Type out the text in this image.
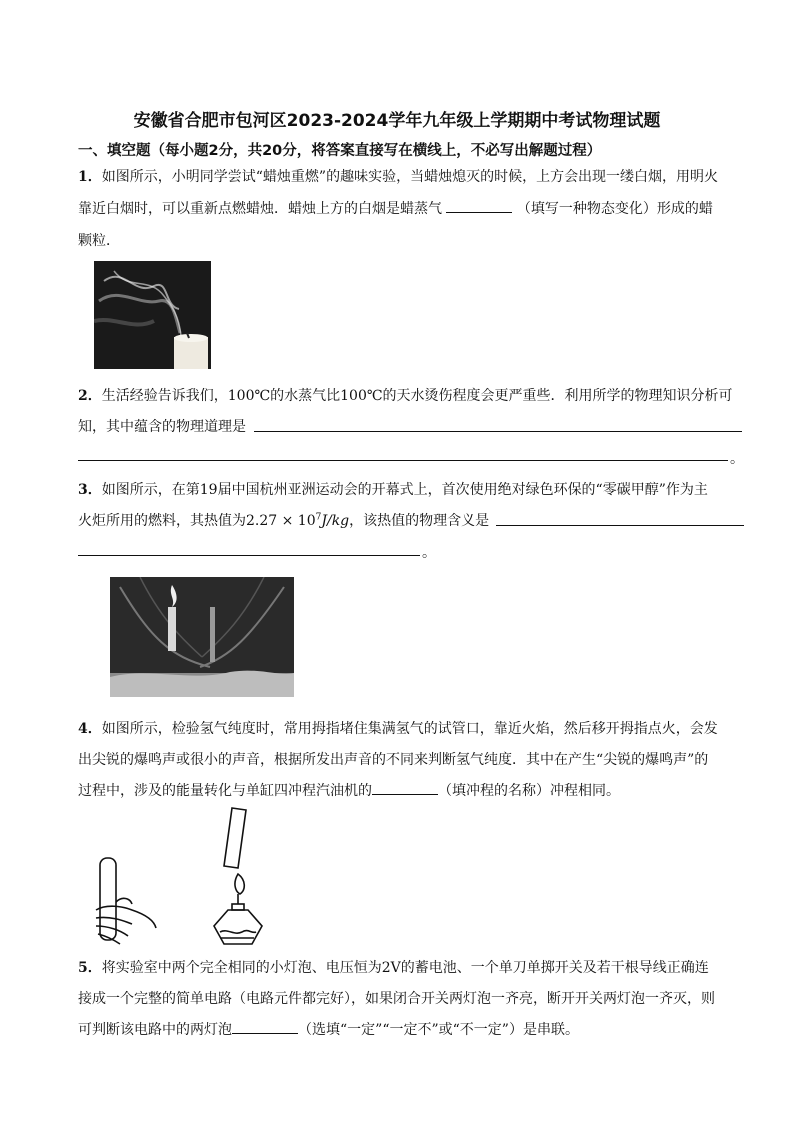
安徽省合肥市包河区2023-2024学年九年级上学期期中考试物理试题
一、填空题（每小题2分，共20分，将答案直接写在横线上，不必写出解题过程）
1．如图所示，小明同学尝试“蜡烛重燃”的趣味实验，当蜡烛熄灭的时候，上方会出现一缕白烟，用明火
靠近白烟时，可以重新点燃蜡烛．蜡烛上方的白烟是蜡蒸气	（填写一种物态变化）形成的蜡
颗粒．
2．生活经验告诉我们，100℃的水蒸气比100℃的天水烫伤程度会更严重些．利用所学的物理知识分析可
知，其中蕴含的物理道理是
。
3．如图所示，在第19届中国杭州亚洲运动会的开幕式上，首次使用绝对绿色环保的“零碳甲醇”作为主
火炬所用的燃料，其热值为$2.27 \times 10^7J/kg$，该热值的物理含义是
。
4．如图所示，检验氢气纯度时，常用拇指堵住集满氢气的试管口，靠近火焰，然后移开拇指点火，会发
出尖锐的爆鸣声或很小的声音，根据所发出声音的不同来判断氢气纯度．其中在产生“尖锐的爆鸣声”的
过程中，涉及的能量转化与单缸四冲程汽油机的	（填冲程的名称）冲程相同。
5．将实验室中两个完全相同的小灯泡、电压恒为2V的蓄电池、一个单刀单掷开关及若干根导线正确连
接成一个完整的简单电路（电路元件都完好），如果闭合开关两灯泡一齐亮，断开开关两灯泡一齐灭，则
可判断该电路中的两灯泡	（选填“一定”“一定不”或“不一定”）是串联。
